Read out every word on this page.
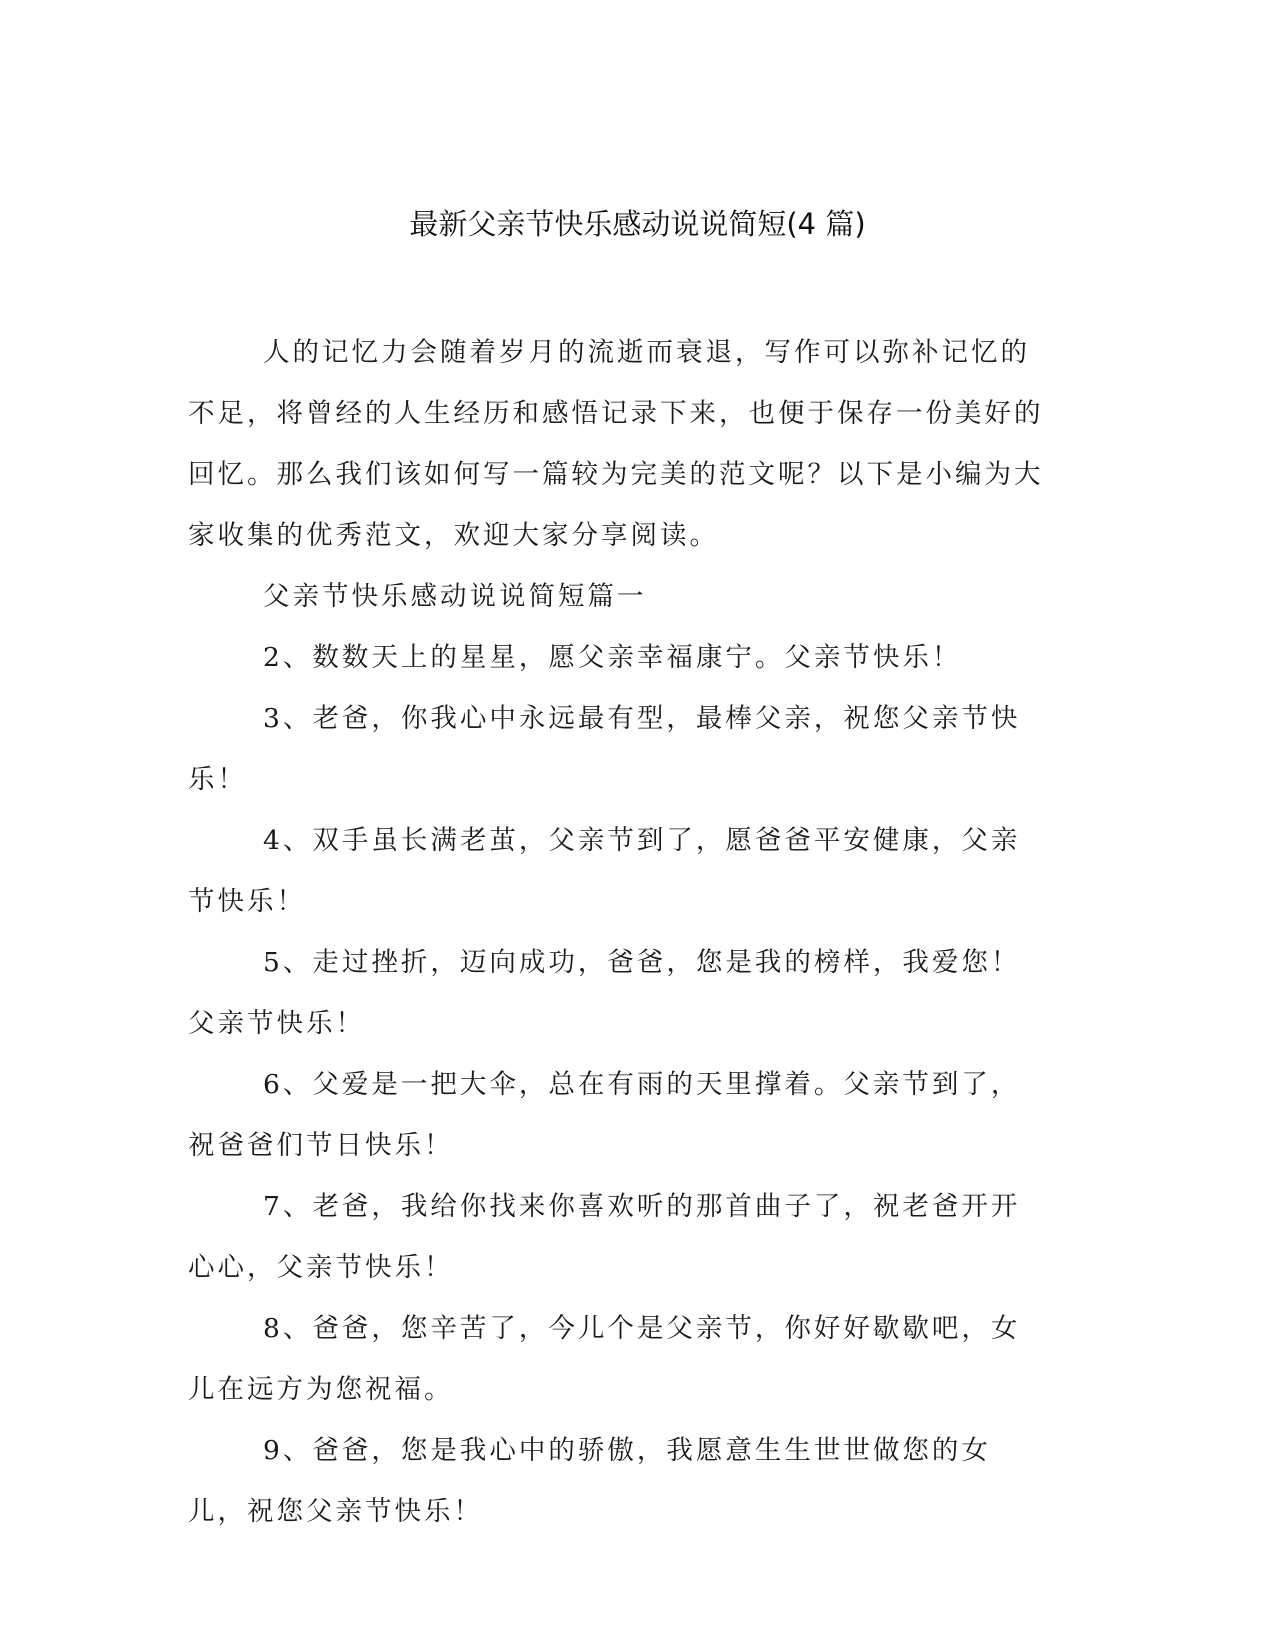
最新父亲节快乐感动说说简短(4 篇)

人的记忆力会随着岁月的流逝而衰退，写作可以弥补记忆的不足，将曾经的人生经历和感悟记录下来，也便于保存一份美好的回忆。那么我们该如何写一篇较为完美的范文呢？以下是小编为大家收集的优秀范文，欢迎大家分享阅读。

父亲节快乐感动说说简短篇一

2、数数天上的星星，愿父亲幸福康宁。父亲节快乐！

3、老爸，你我心中永远最有型，最棒父亲，祝您父亲节快乐！

4、双手虽长满老茧，父亲节到了，愿爸爸平安健康，父亲节快乐！

5、走过挫折，迈向成功，爸爸，您是我的榜样，我爱您！父亲节快乐！

6、父爱是一把大伞，总在有雨的天里撑着。父亲节到了，祝爸爸们节日快乐！

7、老爸，我给你找来你喜欢听的那首曲子了，祝老爸开开心心，父亲节快乐！

8、爸爸，您辛苦了，今儿个是父亲节，你好好歇歇吧，女儿在远方为您祝福。

9、爸爸，您是我心中的骄傲，我愿意生生世世做您的女儿，祝您父亲节快乐！
